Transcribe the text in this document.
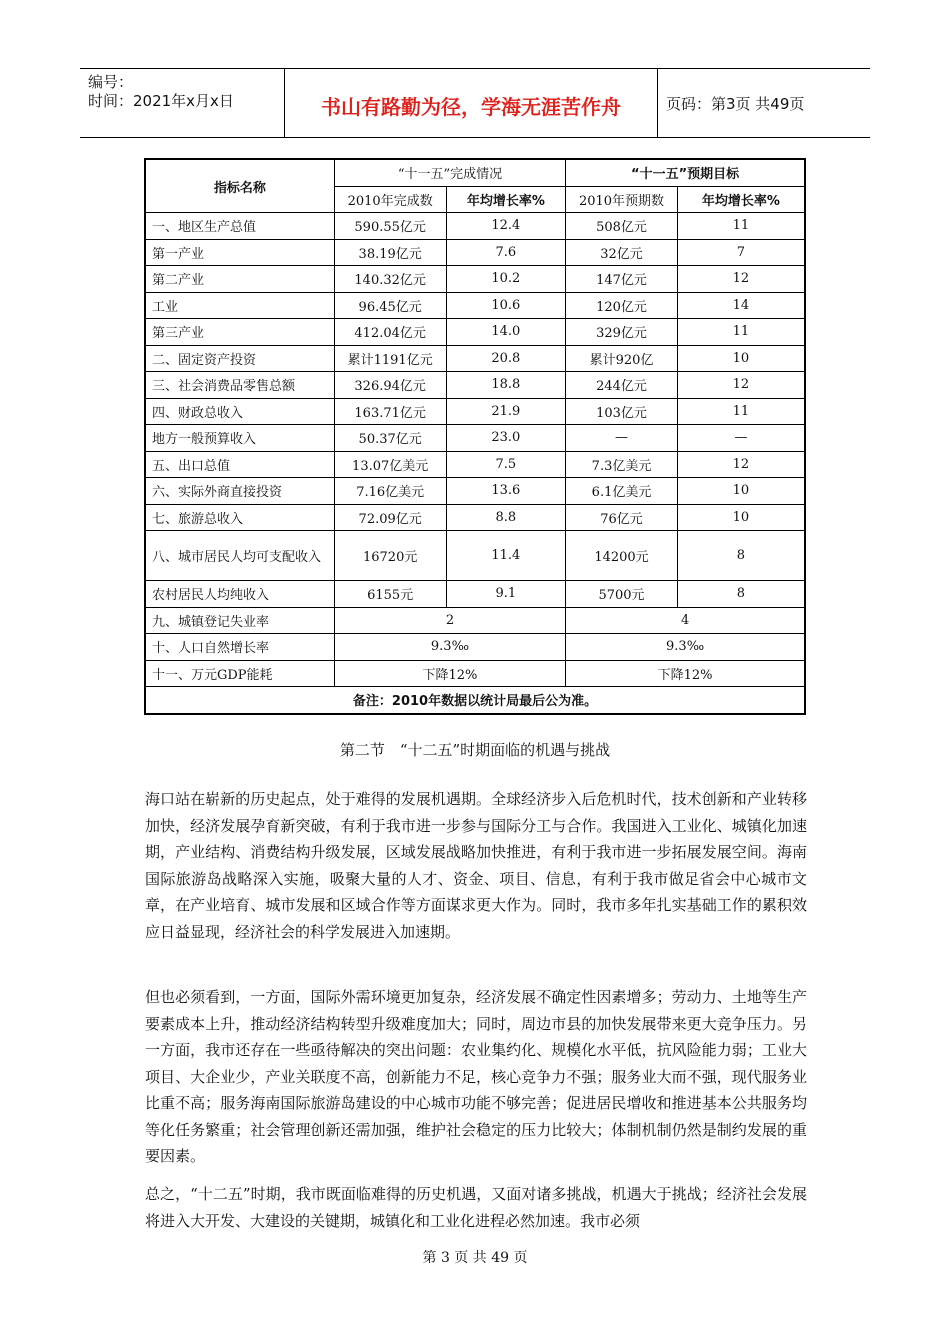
编号：
时间：2021年x月x日	书山有路勤为径，学海无涯苦作舟	页码：第3页 共49页
指标名称	“十一五”完成情况		“十一五”预期目标	
	2010年完成数	年均增长率%	2010年预期数	年均增长率%
一、地区生产总值	590.55亿元	12.4	508亿元	11
第一产业	38.19亿元	7.6	32亿元	7
第二产业	140.32亿元	10.2	147亿元	12
工业	96.45亿元	10.6	120亿元	14
第三产业	412.04亿元	14.0	329亿元	11
二、固定资产投资	累计1191亿元	20.8	累计920亿	10
三、社会消费品零售总额	326.94亿元	18.8	244亿元	12
四、财政总收入	163.71亿元	21.9	103亿元	11
地方一般预算收入	50.37亿元	23.0	—	—
五、出口总值	13.07亿美元	7.5	7.3亿美元	12
六、实际外商直接投资	7.16亿美元	13.6	6.1亿美元	10
七、旅游总收入	72.09亿元	8.8	76亿元	10
八、城市居民人均可支配收入	16720元	11.4	14200元	8
农村居民人均纯收入	6155元	9.1	5700元	8
九、城镇登记失业率	2		4	
十、人口自然增长率	9.3‰		9.3‰	
十一、万元GDP能耗	下降12%		下降12%	
备注：2010年数据以统计局最后公为准。				
第二节　“十二五”时期面临的机遇与挑战

海口站在崭新的历史起点，处于难得的发展机遇期。全球经济步入后危机时代，技术创新和产业转移加快，经济发展孕育新突破，有利于我市进一步参与国际分工与合作。我国进入工业化、城镇化加速期，产业结构、消费结构升级发展，区域发展战略加快推进，有利于我市进一步拓展发展空间。海南国际旅游岛战略深入实施，吸聚大量的人才、资金、项目、信息，有利于我市做足省会中心城市文章，在产业培育、城市发展和区域合作等方面谋求更大作为。同时，我市多年扎实基础工作的累积效应日益显现，经济社会的科学发展进入加速期。

但也必须看到，一方面，国际外需环境更加复杂，经济发展不确定性因素增多；劳动力、土地等生产要素成本上升，推动经济结构转型升级难度加大；同时，周边市县的加快发展带来更大竞争压力。另一方面，我市还存在一些亟待解决的突出问题：农业集约化、规模化水平低，抗风险能力弱；工业大项目、大企业少，产业关联度不高，创新能力不足，核心竞争力不强；服务业大而不强，现代服务业比重不高；服务海南国际旅游岛建设的中心城市功能不够完善；促进居民增收和推进基本公共服务均等化任务繁重；社会管理创新还需加强，维护社会稳定的压力比较大；体制机制仍然是制约发展的重要因素。

总之，“十二五”时期，我市既面临难得的历史机遇，又面对诸多挑战，机遇大于挑战；经济社会发展将进入大开发、大建设的关键期，城镇化和工业化进程必然加速。我市必须

第 3 页 共 49 页
